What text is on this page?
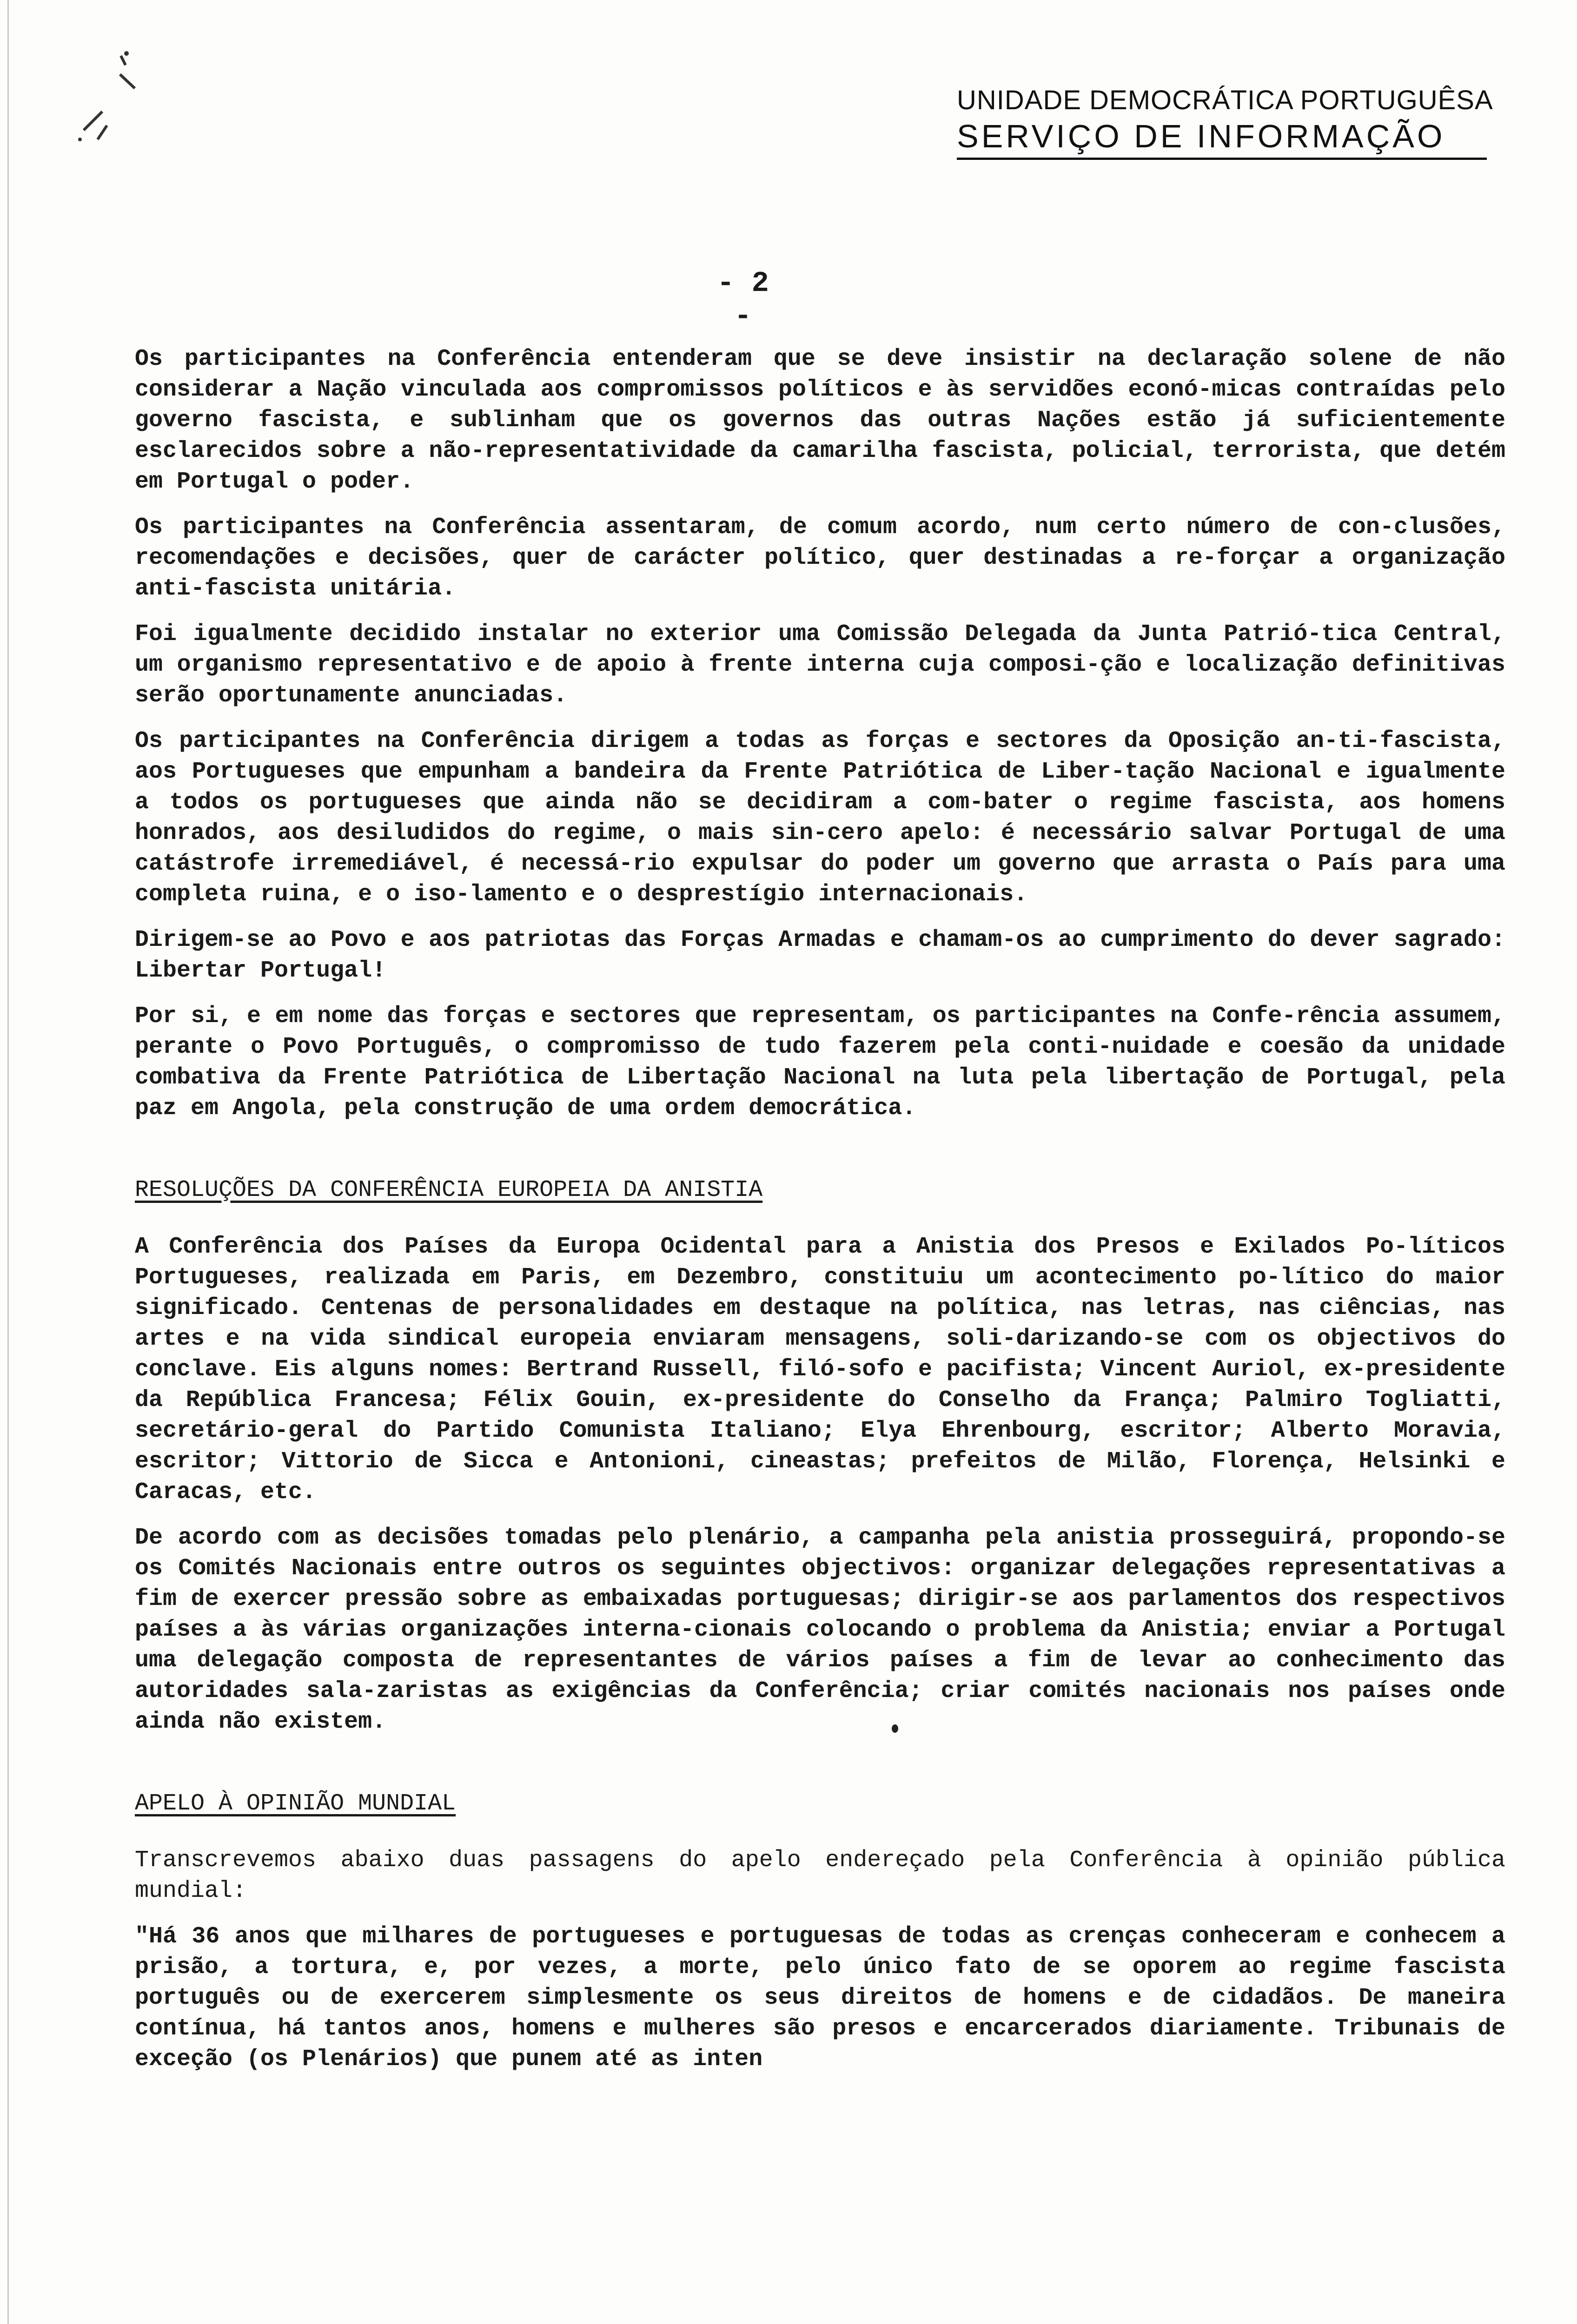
UNIDADE DEMOCRÁTICA PORTUGUÊSA
SERVIÇO DE INFORMAÇÃO
- 2 -

Os participantes na Conferência entenderam que se deve insistir na declaração solene de não considerar a Nação vinculada aos compromissos políticos e às servidões econó-micas contraídas pelo governo fascista, e sublinham que os governos das outras Nações estão já suficientemente esclarecidos sobre a não-representatividade da camarilha fascista, policial, terrorista, que detém em Portugal o poder.

Os participantes na Conferência assentaram, de comum acordo, num certo número de con-clusões, recomendações e decisões, quer de carácter político, quer destinadas a re-forçar a organização anti-fascista unitária.

Foi igualmente decidido instalar no exterior uma Comissão Delegada da Junta Patrió-tica Central, um organismo representativo e de apoio à frente interna cuja composi-ção e localização definitivas serão oportunamente anunciadas.

Os participantes na Conferência dirigem a todas as forças e sectores da Oposição an-ti-fascista, aos Portugueses que empunham a bandeira da Frente Patriótica de Liber-tação Nacional e igualmente a todos os portugueses que ainda não se decidiram a com-bater o regime fascista, aos homens honrados, aos desiludidos do regime, o mais sin-cero apelo: é necessário salvar Portugal de uma catástrofe irremediável, é necessá-rio expulsar do poder um governo que arrasta o País para uma completa ruina, e o iso-lamento e o desprestígio internacionais.

Dirigem-se ao Povo e aos patriotas das Forças Armadas e chamam-os ao cumprimento do dever sagrado: Libertar Portugal!

Por si, e em nome das forças e sectores que representam, os participantes na Confe-rência assumem, perante o Povo Português, o compromisso de tudo fazerem pela conti-nuidade e coesão da unidade combativa da Frente Patriótica de Libertação Nacional na luta pela libertação de Portugal, pela paz em Angola, pela construção de uma ordem democrática.

RESOLUÇÕES DA CONFERÊNCIA EUROPEIA DA ANISTIA

A Conferência dos Países da Europa Ocidental para a Anistia dos Presos e Exilados Po-líticos Portugueses, realizada em Paris, em Dezembro, constituiu um acontecimento po-lítico do maior significado. Centenas de personalidades em destaque na política, nas letras, nas ciências, nas artes e na vida sindical europeia enviaram mensagens, soli-darizando-se com os objectivos do conclave. Eis alguns nomes: Bertrand Russell, filó-sofo e pacifista; Vincent Auriol, ex-presidente da República Francesa; Félix Gouin, ex-presidente do Conselho da França; Palmiro Togliatti, secretário-geral do Partido Comunista Italiano; Elya Ehrenbourg, escritor; Alberto Moravia, escritor; Vittorio de Sicca e Antonioni, cineastas; prefeitos de Milão, Florença, Helsinki e Caracas, etc.

De acordo com as decisões tomadas pelo plenário, a campanha pela anistia prosseguirá, propondo-se os Comités Nacionais entre outros os seguintes objectivos: organizar delegações representativas a fim de exercer pressão sobre as embaixadas portuguesas; dirigir-se aos parlamentos dos respectivos países a às várias organizações interna-cionais colocando o problema da Anistia; enviar a Portugal uma delegação composta de representantes de vários países a fim de levar ao conhecimento das autoridades sala-zaristas as exigências da Conferência; criar comités nacionais nos países onde ainda não existem.

APELO À OPINIÃO MUNDIAL

Transcrevemos abaixo duas passagens do apelo endereçado pela Conferência à opinião pública mundial:

"Há 36 anos que milhares de portugueses e portuguesas de todas as crenças conheceram e conhecem a prisão, a tortura, e, por vezes, a morte, pelo único fato de se oporem ao regime fascista português ou de exercerem simplesmente os seus direitos de homens e de cidadãos. De maneira contínua, há tantos anos, homens e mulheres são presos e encarcerados diariamente. Tribunais de exceção (os Plenários) que punem até as inten
